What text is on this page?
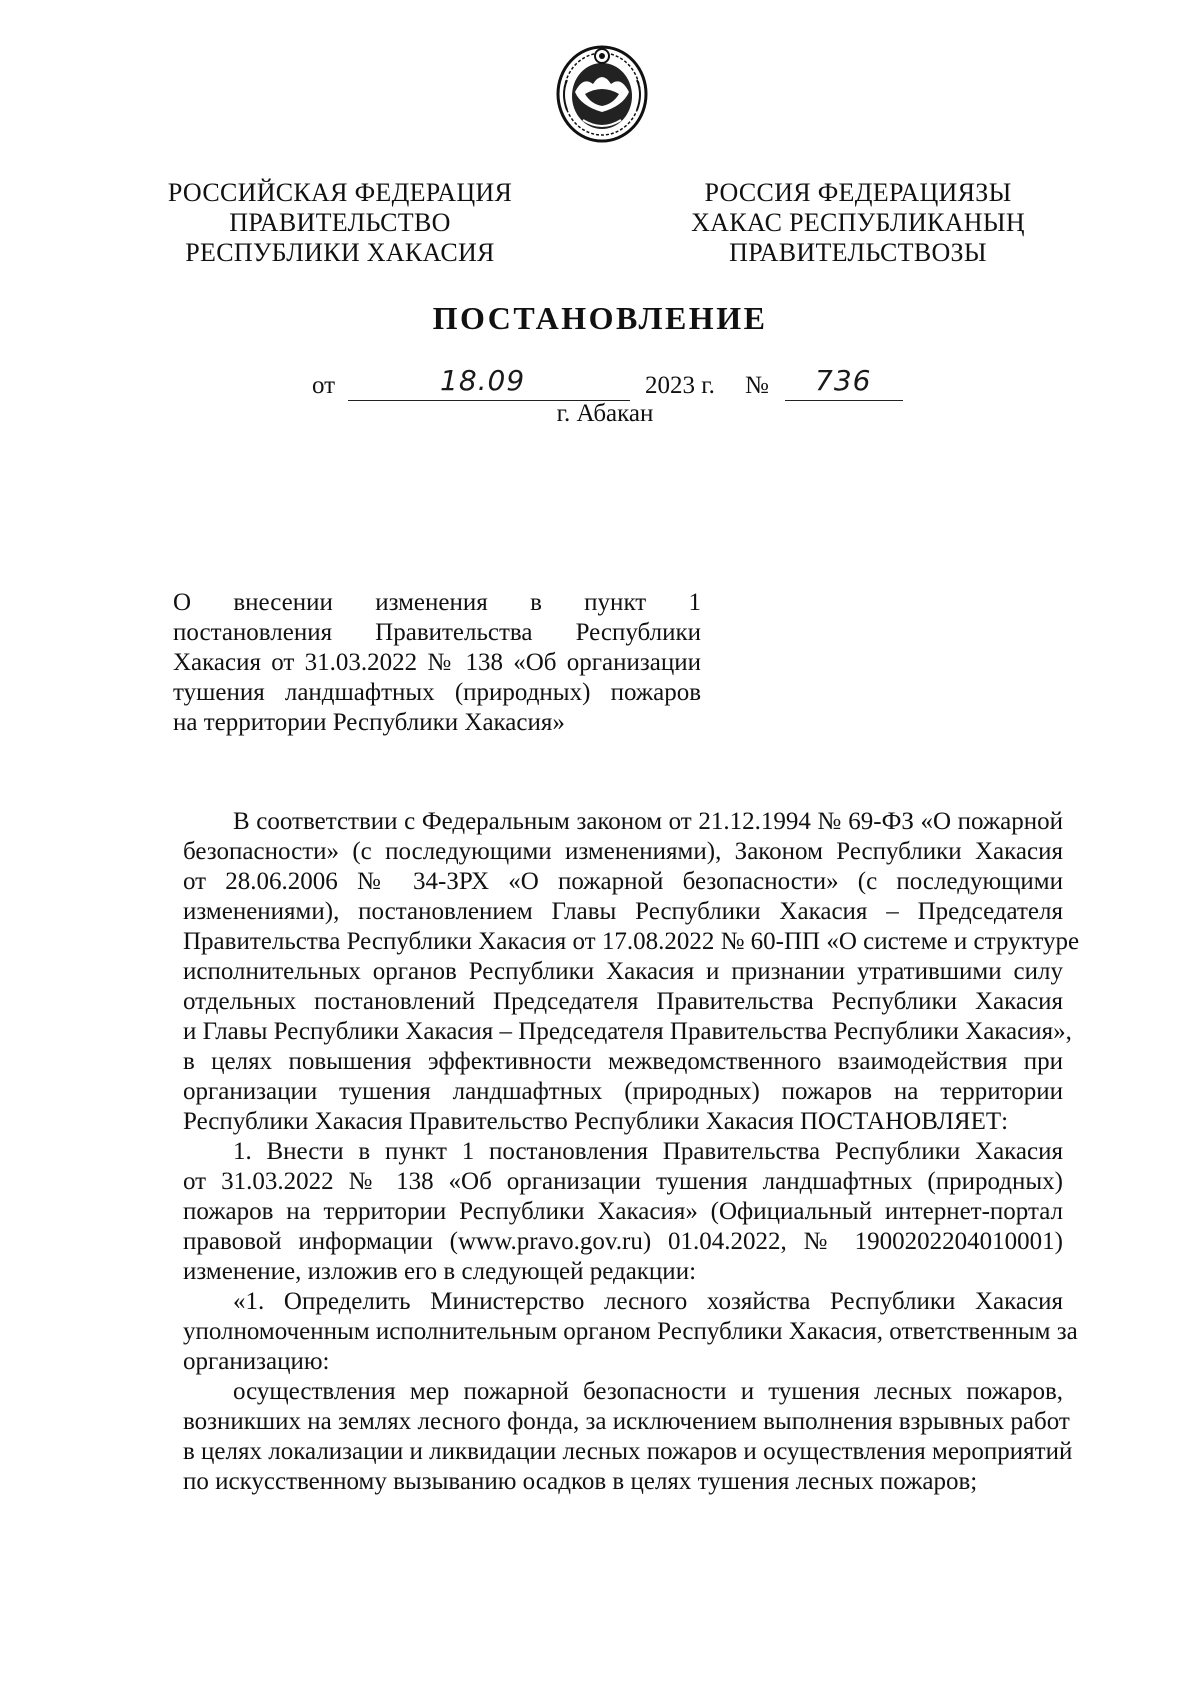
РОССИЙСКАЯ ФЕДЕРАЦИЯ
ПРАВИТЕЛЬСТВО
РЕСПУБЛИКИ ХАКАСИЯ
РОССИЯ ФЕДЕРАЦИЯЗЫ
ХАКАС РЕСПУБЛИКАНЫҢ
ПРАВИТЕЛЬСТВОЗЫ
ПОСТАНОВЛЕНИЕ
от	18.09	2023 г. № 736
г. Абакан
О внесении изменения в пункт 1
постановления Правительства Республики
Хакасия от 31.03.2022 № 138 «Об организации
тушения ландшафтных (природных) пожаров
на территории Республики Хакасия»
В соответствии с Федеральным законом от 21.12.1994 № 69-ФЗ «О пожарной
безопасности» (с последующими изменениями), Законом Республики Хакасия
от 28.06.2006 № 34-ЗРХ «О пожарной безопасности» (с последующими
изменениями), постановлением Главы Республики Хакасия – Председателя
Правительства Республики Хакасия от 17.08.2022 № 60-ПП «О системе и структуре
исполнительных органов Республики Хакасия и признании утратившими силу
отдельных постановлений Председателя Правительства Республики Хакасия
и Главы Республики Хакасия – Председателя Правительства Республики Хакасия»,
в целях повышения эффективности межведомственного взаимодействия при
организации тушения ландшафтных (природных) пожаров на территории
Республики Хакасия Правительство Республики Хакасия ПОСТАНОВЛЯЕТ:
1. Внести в пункт 1 постановления Правительства Республики Хакасия
от 31.03.2022 № 138 «Об организации тушения ландшафтных (природных)
пожаров на территории Республики Хакасия» (Официальный интернет-портал
правовой информации (www.pravo.gov.ru) 01.04.2022, № 1900202204010001)
изменение, изложив его в следующей редакции:
«1. Определить Министерство лесного хозяйства Республики Хакасия
уполномоченным исполнительным органом Республики Хакасия, ответственным за
организацию:
осуществления мер пожарной безопасности и тушения лесных пожаров,
возникших на землях лесного фонда, за исключением выполнения взрывных работ
в целях локализации и ликвидации лесных пожаров и осуществления мероприятий
по искусственному вызыванию осадков в целях тушения лесных пожаров;
